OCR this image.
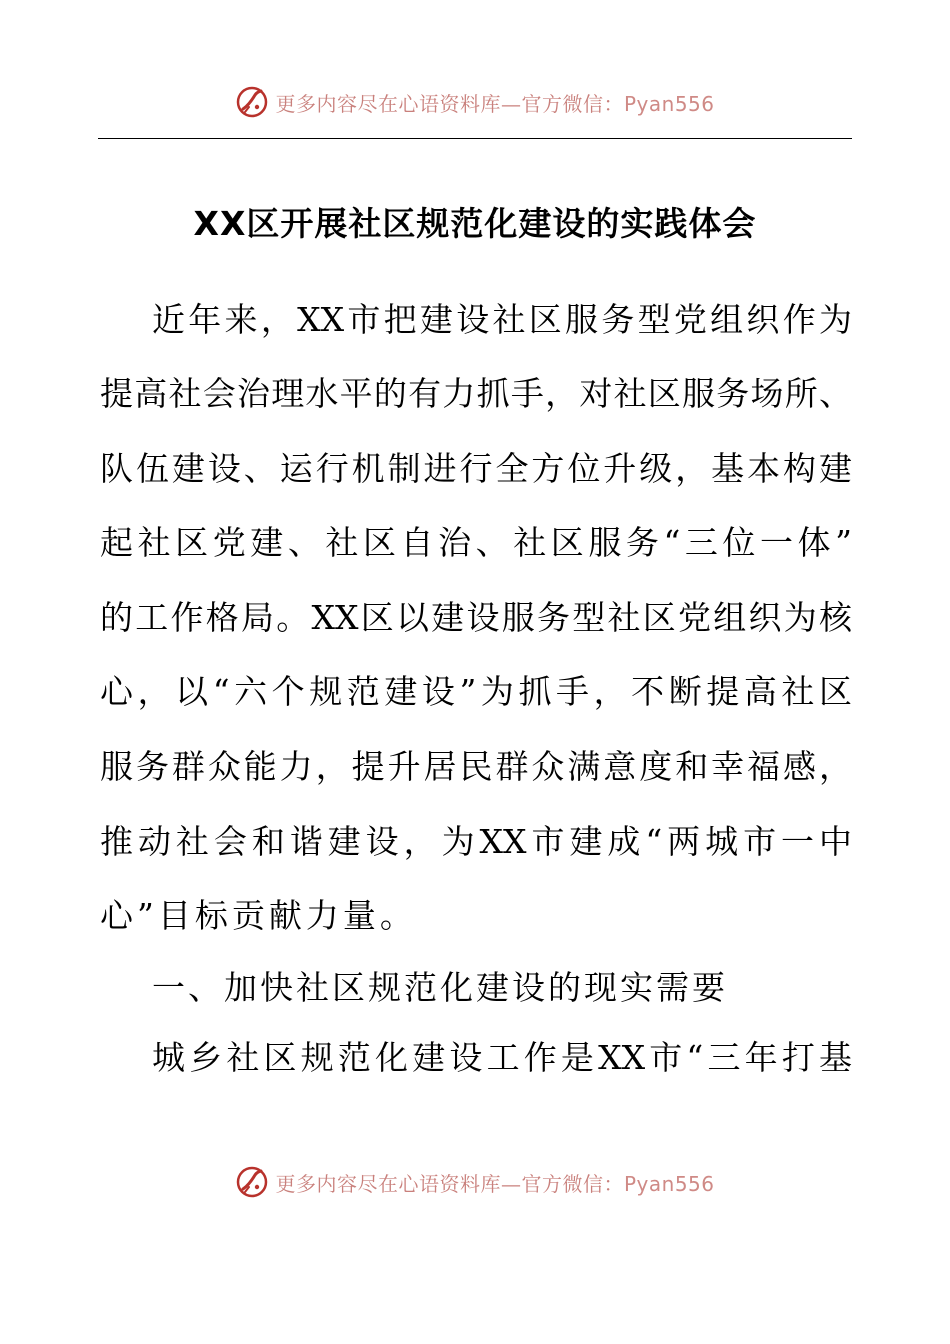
更多内容尽在心语资料库—官方微信：Pyan556
XX区开展社区规范化建设的实践体会
近年来，XX市把建设社区服务型党组织作为
提高社会治理水平的有力抓手，对社区服务场所、
队伍建设、运行机制进行全方位升级，基本构建
起社区党建、社区自治、社区服务“三位一体”
的工作格局。XX区以建设服务型社区党组织为核
心，以“六个规范建设”为抓手，不断提高社区
服务群众能力，提升居民群众满意度和幸福感，
推动社会和谐建设，为XX市建成“两城市一中
心”目标贡献力量。
一、加快社区规范化建设的现实需要
城乡社区规范化建设工作是XX市“三年打基
更多内容尽在心语资料库—官方微信：Pyan556
